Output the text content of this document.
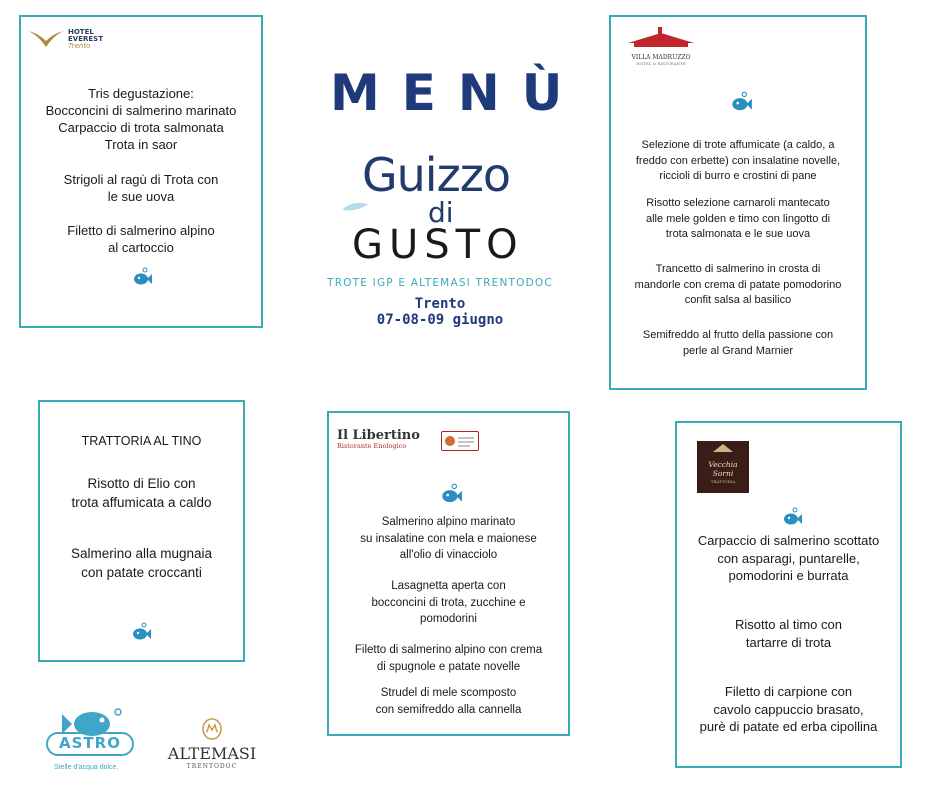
MENÙ
Guizzo
di
GUSTO
TROTE IGP E ALTEMASI TRENTODOC
Trento
07-08-09 giugno
HOTEL
EVEREST
Trento
Tris degustazione:
Bocconcini di salmerino marinato
Carpaccio di trota salmonata
Trota in saor
Strigoli al ragù di Trota con
le sue uova
Filetto di salmerino alpino
al cartoccio
VILLA MADRUZZO
HOTEL & RISTORANTE
Selezione di trote affumicate (a caldo, a
freddo con erbette) con insalatine novelle,
riccioli di burro e crostini di pane
Risotto selezione carnaroli mantecato
alle mele golden e timo con lingotto di
trota salmonata e le sue uova
Trancetto di salmerino in crosta di
mandorle con crema di patate pomodorino
confit salsa al basilico
Semifreddo al frutto della passione con
perle al Grand Marnier
TRATTORIA AL TINO
Risotto di Elio con
trota affumicata a caldo
Salmerino alla mugnaia
con patate croccanti
Il Libertino
Ristorante Enologico
Salmerino alpino marinato
su insalatine con mela e maionese
all'olio di vinacciolo
Lasagnetta aperta con
bocconcini di trota, zucchine e
pomodorini
Filetto di salmerino alpino con crema
di spugnole e patate novelle
Strudel di mele scomposto
con semifreddo alla cannella
Vecchia Sorni
TRATTORIA
Carpaccio di salmerino scottato
con asparagi, puntarelle,
pomodorini e burrata
Risotto al timo con
tartarre di trota
Filetto di carpione con
cavolo cappuccio brasato,
purè di patate ed erba cipollina
ASTRO
Stelle d'acqua dolce.
ALTEMASI
TRENTODOC
